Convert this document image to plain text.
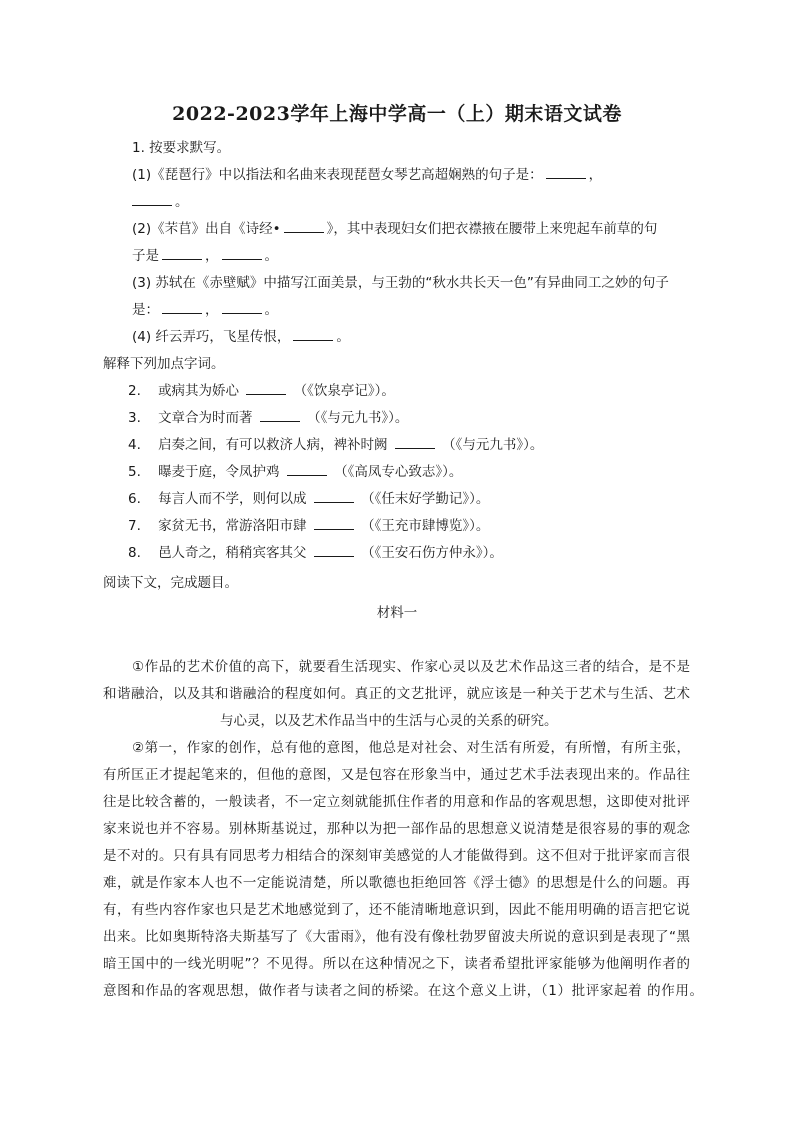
2022-2023学年上海中学高一（上）期末语文试卷
1. 按要求默写。
(1)《琵琶行》中以指法和名曲来表现琵琶女琴艺高超娴熟的句子是：	，
。
(2)《芣苢》出自《诗经•	》，其中表现妇女们把衣襟掖在腰带上来兜起车前草的句
子是	，	。
(3) 苏轼在《赤壁赋》中描写江面美景，与王勃的“秋水共长天一色”有异曲同工之妙的句子
是：	，	。
(4) 纤云弄巧，飞星传恨，	。
解释下列加点字词。
2. 或病其为娇心	（《饮泉亭记》）。
3. 文章合为时而著	（《与元九书》）。
4. 启奏之间，有可以救济人病，裨补时阙	（《与元九书》）。
5. 曝麦于庭，令凤护鸡	（《高凤专心致志》）。
6. 每言人而不学，则何以成	（《任末好学勤记》）。
7. 家贫无书，常游洛阳市肆	（《王充市肆博览》）。
8. 邑人奇之，稍稍宾客其父	（《王安石伤方仲永》）。
阅读下文，完成题目。
材料一
①作品的艺术价值的高下，就要看生活现实、作家心灵以及艺术作品这三者的结合，是不是
和谐融洽，以及其和谐融洽的程度如何。真正的文艺批评，就应该是一种关于艺术与生活、艺术
与心灵，以及艺术作品当中的生活与心灵的关系的研究。
②第一，作家的创作，总有他的意图，他总是对社会、对生活有所爱，有所憎，有所主张，
有所匡正才提起笔来的，但他的意图，又是包容在形象当中，通过艺术手法表现出来的。作品往
往是比较含蓄的，一般读者，不一定立刻就能抓住作者的用意和作品的客观思想，这即使对批评
家来说也并不容易。别林斯基说过，那种以为把一部作品的思想意义说清楚是很容易的事的观念
是不对的。只有具有同思考力相结合的深刻审美感觉的人才能做得到。这不但对于批评家而言很
难，就是作家本人也不一定能说清楚，所以歌德也拒绝回答《浮士德》的思想是什么的问题。再
有，有些内容作家也只是艺术地感觉到了，还不能清晰地意识到，因此不能用明确的语言把它说
出来。比如奥斯特洛夫斯基写了《大雷雨》，他有没有像杜勃罗留波夫所说的意识到是表现了“黑
暗王国中的一线光明呢”？不见得。所以在这种情况之下，读者希望批评家能够为他阐明作者的
意图和作品的客观思想，做作者与读者之间的桥梁。在这个意义上讲，（1）批评家起着 的作用。
